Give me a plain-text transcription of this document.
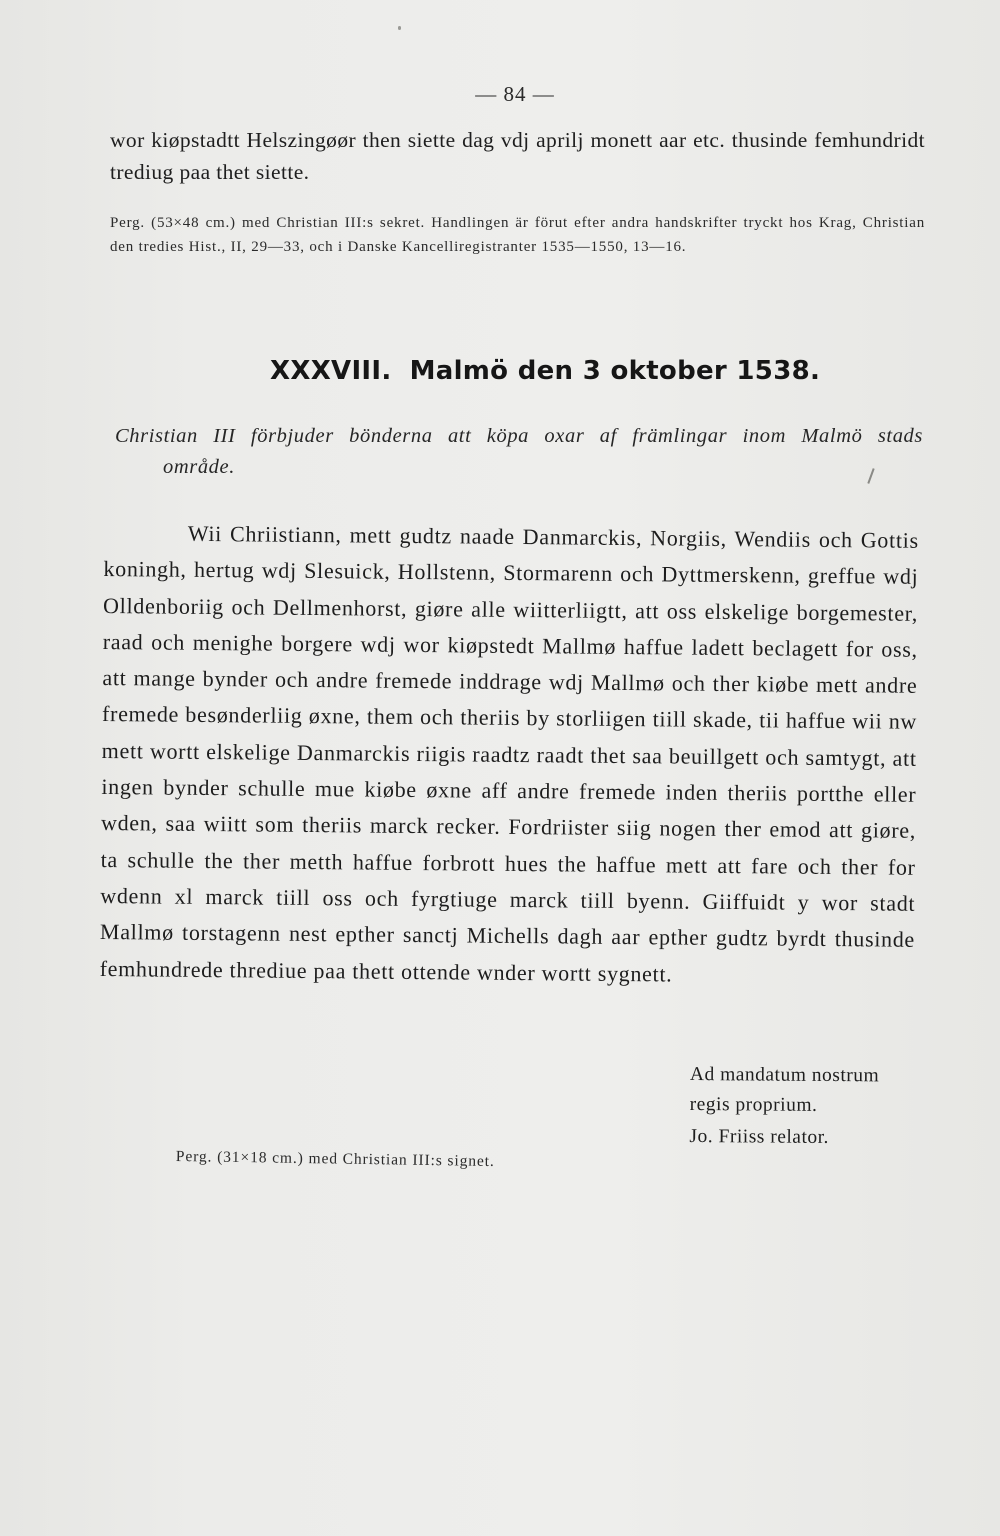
— 84 —

wor kiøpstadtt Helszingøør then siette dag vdj aprilj monett aar etc. thusinde femhundridt trediug paa thet siette.

Perg. (53×48 cm.) med Christian III:s sekret. Handlingen är förut efter andra handskrifter tryckt hos Krag, Christian den tredies Hist., II, 29—33, och i Danske Kancelliregistranter 1535—1550, 13—16.

XXXVIII. Malmö den 3 oktober 1538.
Christian III förbjuder bönderna att köpa oxar af främlingar inom Malmö stads
område.

Wii Chriistiann, mett gudtz naade Danmarckis, Norgiis, Wendiis och Gottis koningh, hertug wdj Slesuick, Hollstenn, Stormarenn och Dyttmerskenn, greffue wdj Olldenboriig och Dellmenhorst, giøre alle wiitterliigtt, att oss elskelige borgemester, raad och menighe borgere wdj wor kiøpstedt Mallmø haffue ladett beclagett for oss, att mange bynder och andre fremede inddrage wdj Mallmø och ther kiøbe mett andre fremede besønderliig øxne, them och theriis by storliigen tiill skade, tii haffue wii nw mett wortt elskelige Danmarckis riigis raadtz raadt thet saa beuillgett och samtygt, att ingen bynder schulle mue kiøbe øxne aff andre fremede inden theriis portthe eller wden, saa wiitt som theriis marck recker. Fordriister siig nogen ther emod att giøre, ta schulle the ther metth haffue forbrott hues the haffue mett att fare och ther for wdenn xl marck tiill oss och fyrgtiuge marck tiill byenn. Giiffuidt y wor stadt Mallmø torstagenn nest epther sanctj Michells dagh aar epther gudtz byrdt thusinde femhundrede thrediue paa thett ottende wnder wortt sygnett.

Ad mandatum nostrum
regis proprium.
Jo. Friiss relator.
Perg. (31×18 cm.) med Christian III:s signet.
